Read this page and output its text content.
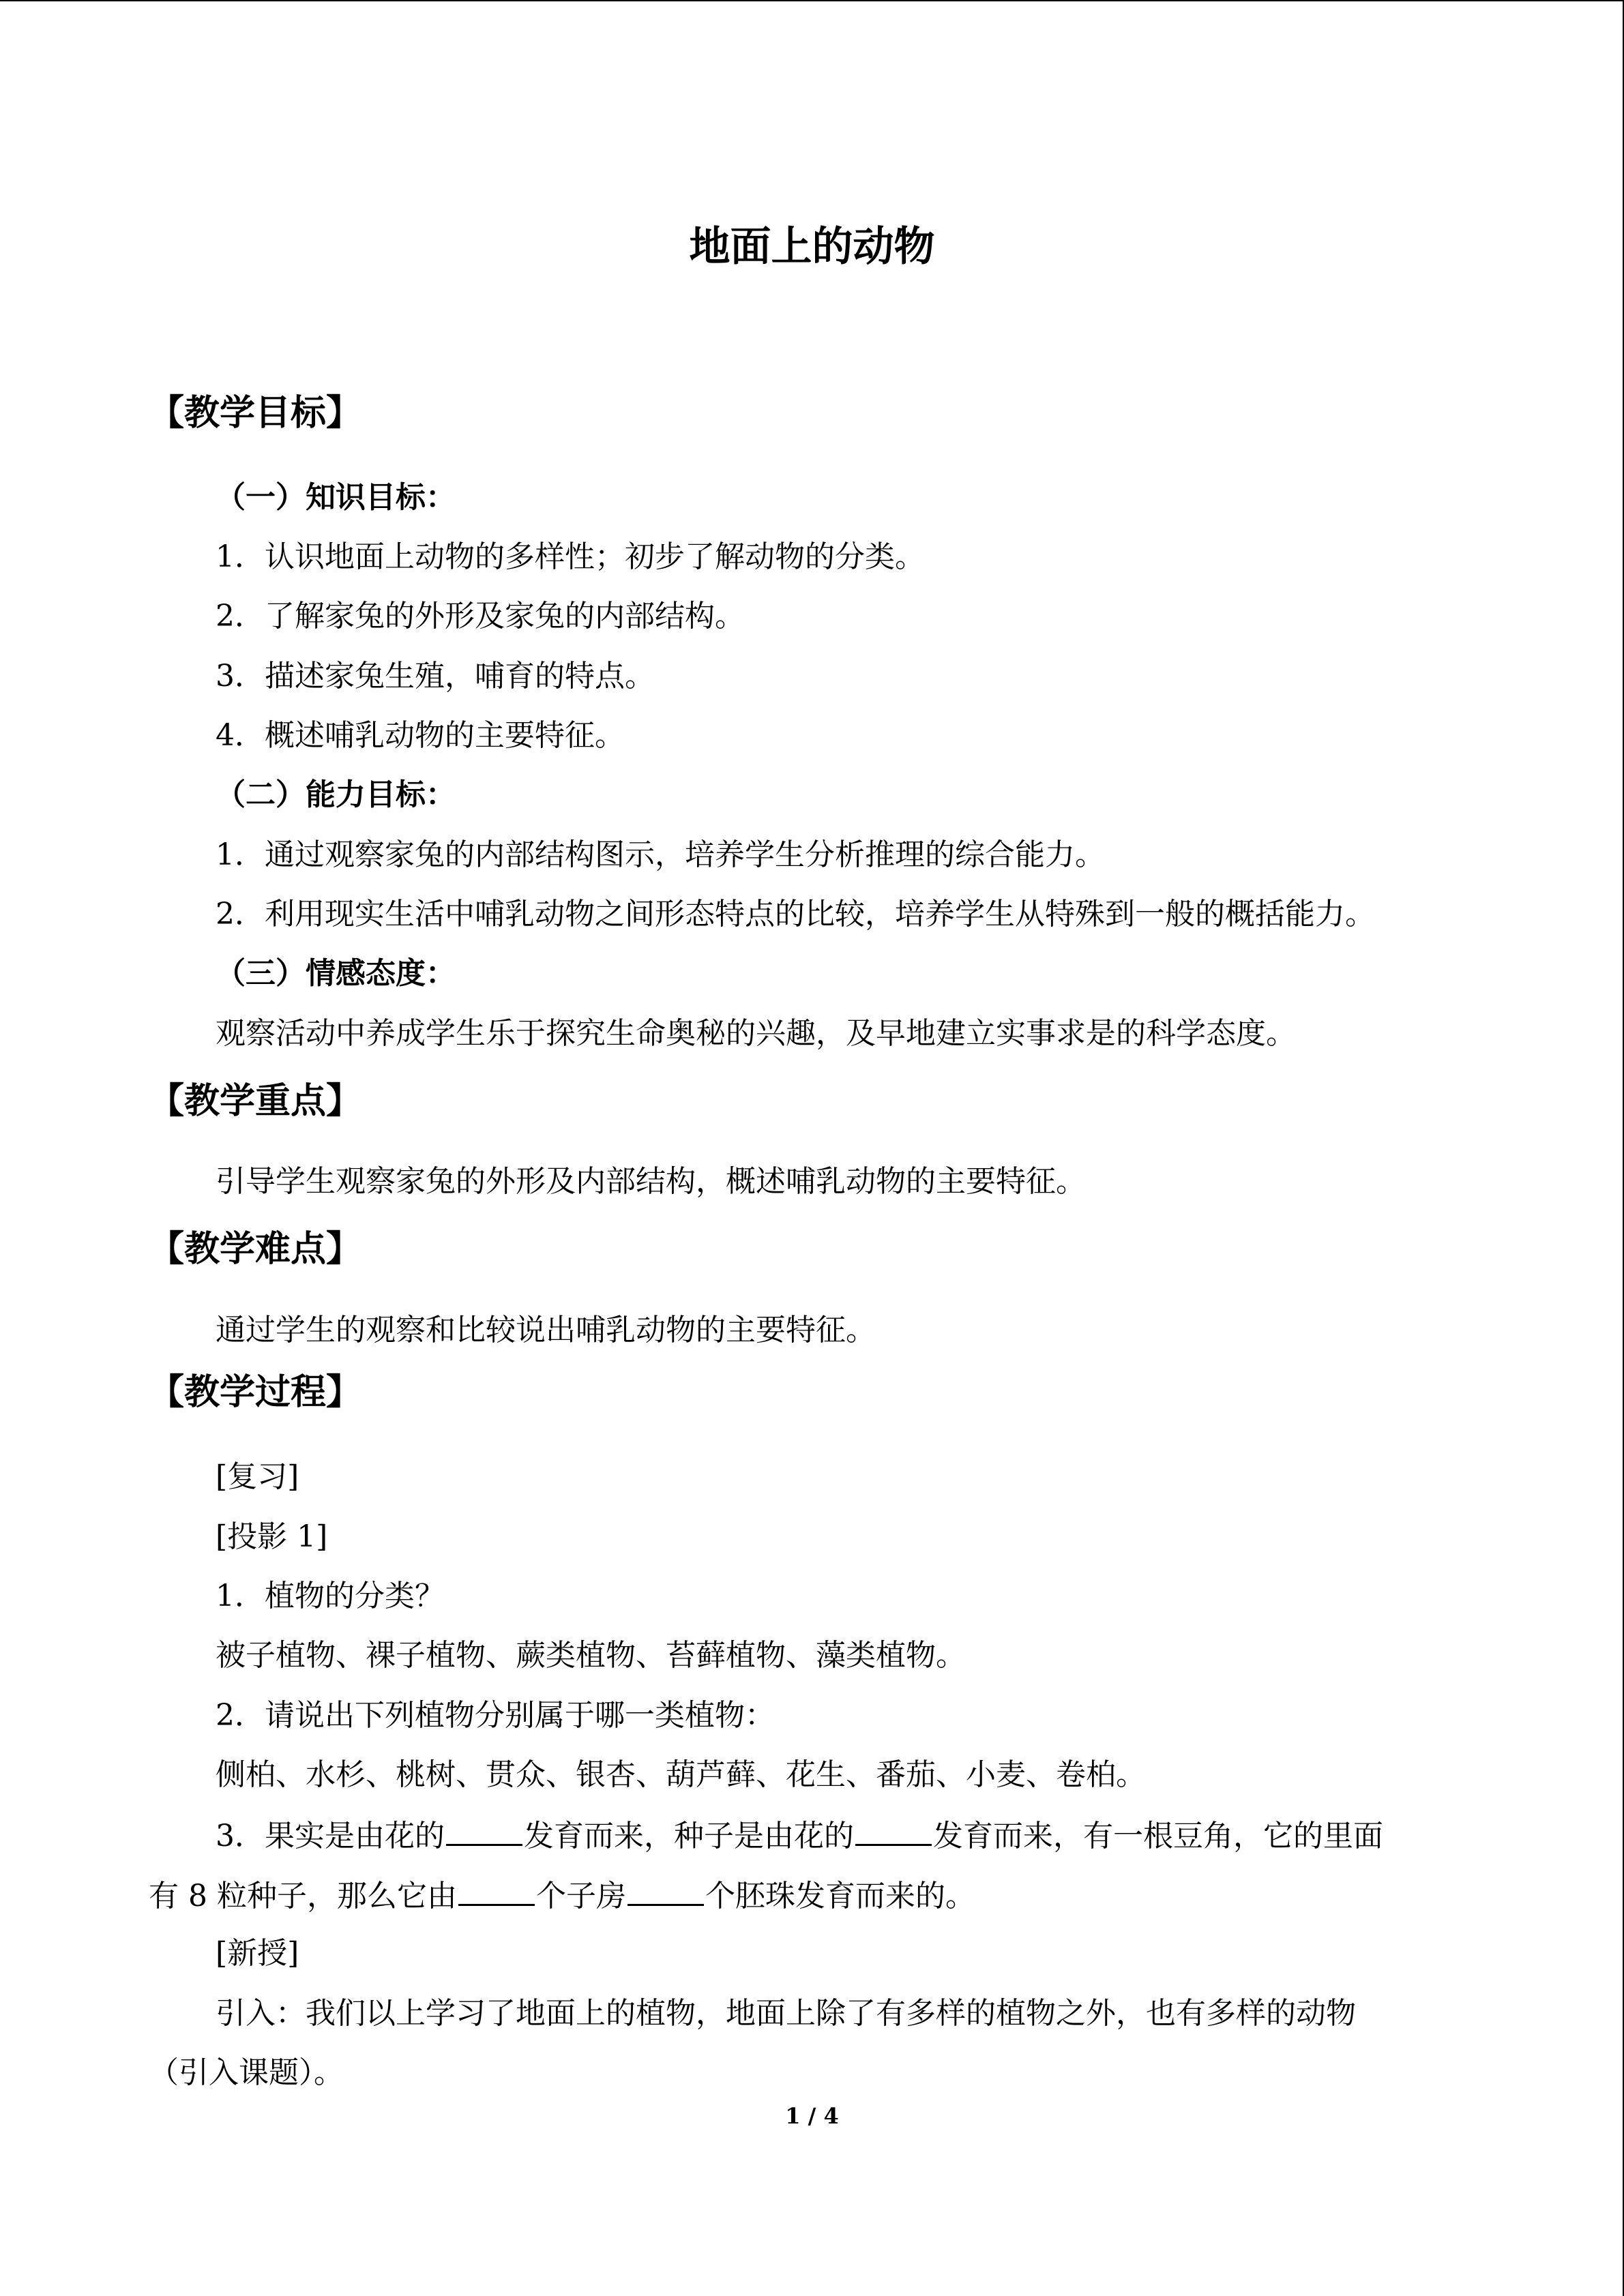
地面上的动物
【教学目标】
（一）知识目标：
1．认识地面上动物的多样性；初步了解动物的分类。
2．了解家兔的外形及家兔的内部结构。
3．描述家兔生殖，哺育的特点。
4．概述哺乳动物的主要特征。
（二）能力目标：
1．通过观察家兔的内部结构图示，培养学生分析推理的综合能力。
2．利用现实生活中哺乳动物之间形态特点的比较，培养学生从特殊到一般的概括能力。
（三）情感态度：
观察活动中养成学生乐于探究生命奥秘的兴趣，及早地建立实事求是的科学态度。
【教学重点】
引导学生观察家兔的外形及内部结构，概述哺乳动物的主要特征。
【教学难点】
通过学生的观察和比较说出哺乳动物的主要特征。
【教学过程】
[复习]
[投影 1]
1．植物的分类？
被子植物、裸子植物、蕨类植物、苔藓植物、藻类植物。
2．请说出下列植物分别属于哪一类植物：
侧柏、水杉、桃树、贯众、银杏、葫芦藓、花生、番茄、小麦、卷柏。
3．果实是由花的	发育而来，种子是由花的	发育而来，有一根豆角，它的里面
有 8 粒种子，那么它由	个子房	个胚珠发育而来的。
[新授]
引入：我们以上学习了地面上的植物，地面上除了有多样的植物之外，也有多样的动物
（引入课题）。
1 / 4
